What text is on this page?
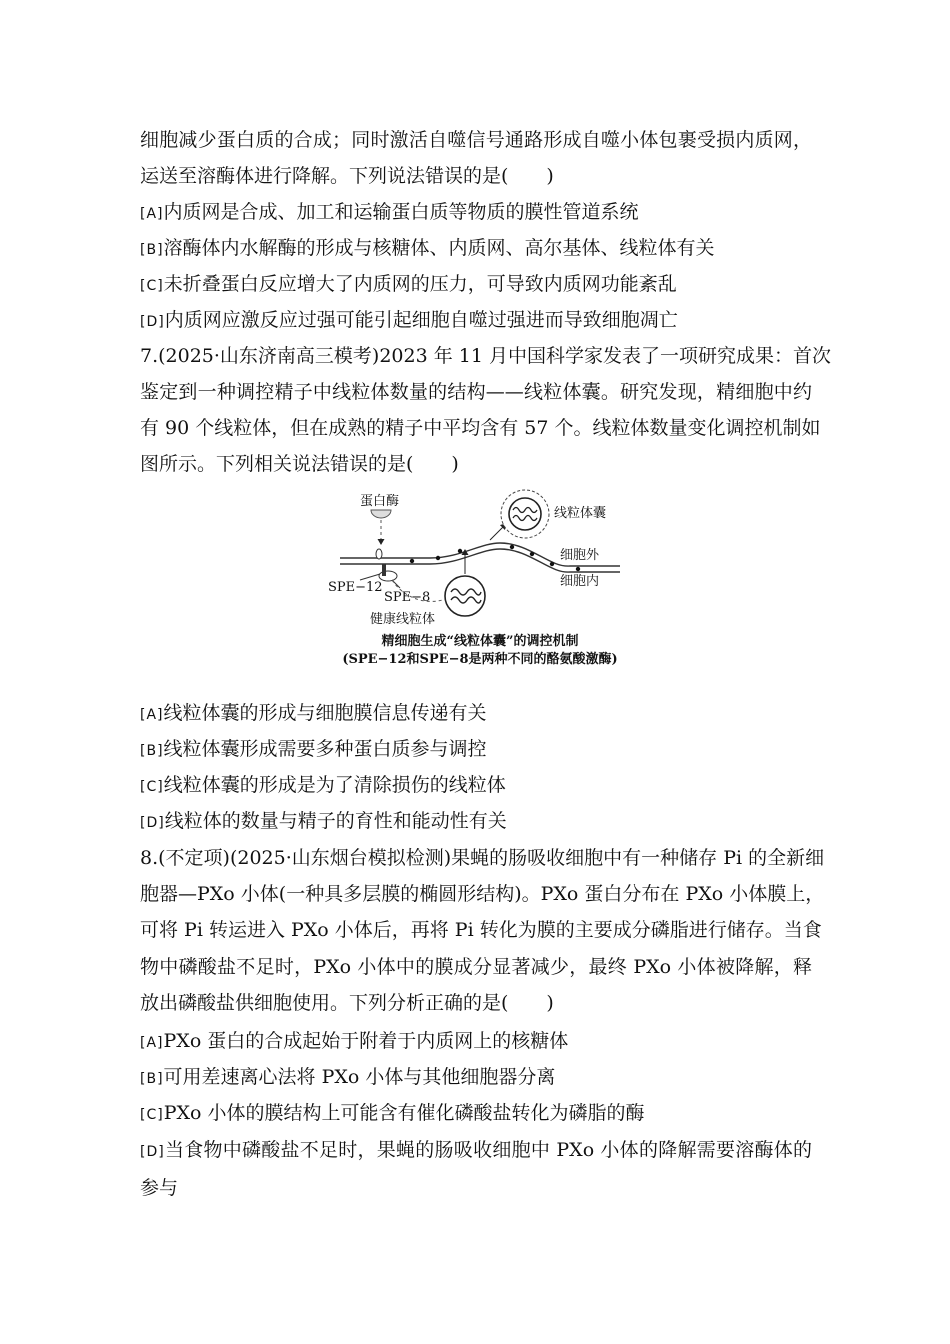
细胞减少蛋白质的合成；同时激活自噬信号通路形成自噬小体包裹受损内质网，
运送至溶酶体进行降解。下列说法错误的是(　　)
[A]内质网是合成、加工和运输蛋白质等物质的膜性管道系统
[B]溶酶体内水解酶的形成与核糖体、内质网、高尔基体、线粒体有关
[C]未折叠蛋白反应增大了内质网的压力，可导致内质网功能紊乱
[D]内质网应激反应过强可能引起细胞自噬过强进而导致细胞凋亡
7.(2025·山东济南高三模考)2023 年 11 月中国科学家发表了一项研究成果：首次
鉴定到一种调控精子中线粒体数量的结构——线粒体囊。研究发现，精细胞中约
有 90 个线粒体，但在成熟的精子中平均含有 57 个。线粒体数量变化调控机制如
图所示。下列相关说法错误的是(　　)
蛋白酶
线粒体囊
细胞外
细胞内
SPE−12
SPE−8
健康线粒体
精细胞生成“线粒体囊”的调控机制
(SPE−12和SPE−8是两种不同的酪氨酸激酶)
[A]线粒体囊的形成与细胞膜信息传递有关
[B]线粒体囊形成需要多种蛋白质参与调控
[C]线粒体囊的形成是为了清除损伤的线粒体
[D]线粒体的数量与精子的育性和能动性有关
8.(不定项)(2025·山东烟台模拟检测)果蝇的肠吸收细胞中有一种储存 Pi 的全新细
胞器—PXo 小体(一种具多层膜的椭圆形结构)。PXo 蛋白分布在 PXo 小体膜上，
可将 Pi 转运进入 PXo 小体后，再将 Pi 转化为膜的主要成分磷脂进行储存。当食
物中磷酸盐不足时，PXo 小体中的膜成分显著减少，最终 PXo 小体被降解，释
放出磷酸盐供细胞使用。下列分析正确的是(　　)
[A]PXo 蛋白的合成起始于附着于内质网上的核糖体
[B]可用差速离心法将 PXo 小体与其他细胞器分离
[C]PXo 小体的膜结构上可能含有催化磷酸盐转化为磷脂的酶
[D]当食物中磷酸盐不足时，果蝇的肠吸收细胞中 PXo 小体的降解需要溶酶体的
参与
